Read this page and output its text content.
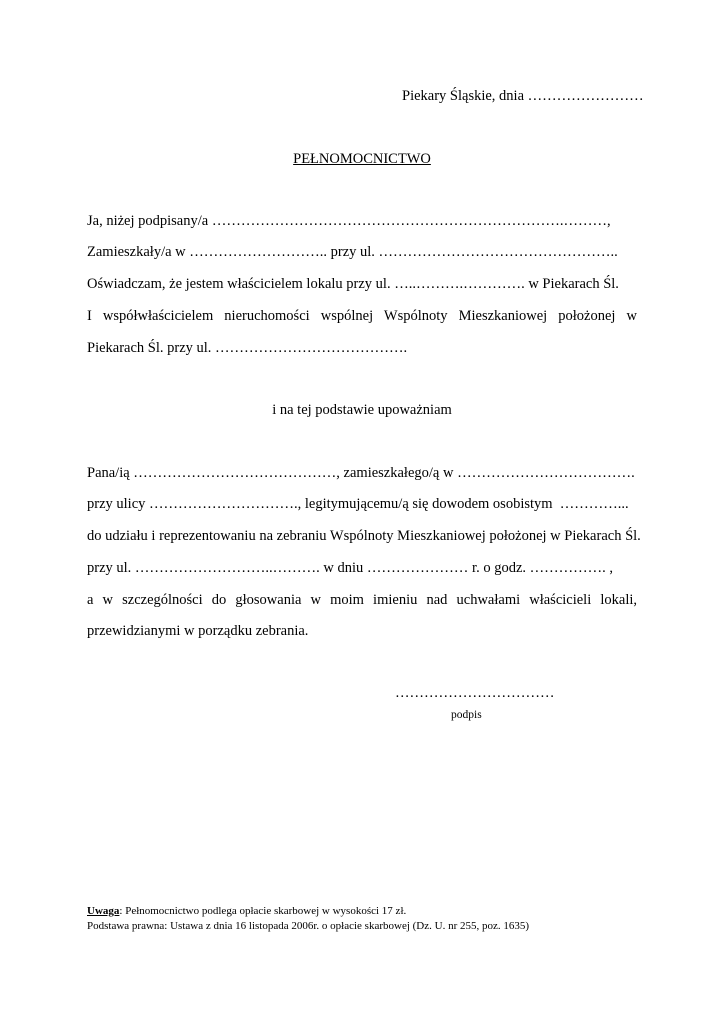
Piekary Śląskie, dnia ……………………
PEŁNOMOCNICTWO
Ja, niżej podpisany/a ……………………………………………………………….………,
Zamieszkały/a w ……………………….. przy ul. …………………………………………..
Oświadczam, że jestem właścicielem lokalu przy ul. …..……….…………. w Piekarach Śl.
I współwłaścicielem nieruchomości wspólnej Wspólnoty Mieszkaniowej położonej w
Piekarach Śl. przy ul. ………………………………….
i na tej podstawie upoważniam
Pana/ią ……………………………………, zamieszkałego/ą w ……………………………….
przy ulicy …………………………., legitymującemu/ą się dowodem osobistym  …………...
do udziału i reprezentowaniu na zebraniu Wspólnoty Mieszkaniowej położonej w Piekarach Śl.
przy ul. ………………………..………. w dniu ………………… r. o godz. ……………. ,
a w szczególności do głosowania w moim imieniu nad uchwałami właścicieli lokali,
przewidzianymi w porządku zebrania.
……………………………
podpis
Uwaga: Pełnomocnictwo podlega opłacie skarbowej w wysokości 17 zł.
Podstawa prawna: Ustawa z dnia 16 listopada 2006r. o opłacie skarbowej (Dz. U. nr 255, poz. 1635)
